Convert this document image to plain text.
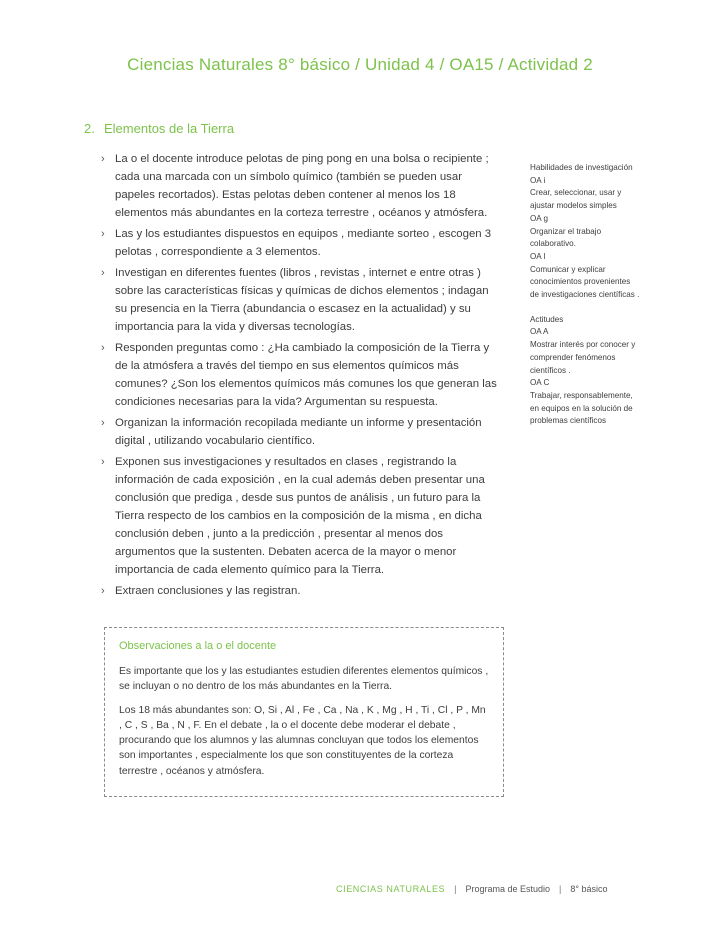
Ciencias Naturales 8° básico / Unidad 4 / OA15 / Actividad 2
2. Elementos de la Tierra
› La o el docente introduce pelotas de ping pong en una bolsa o recipiente ; cada una marcada con un símbolo químico (también se pueden usar papeles recortados). Estas pelotas deben contener al menos los 18 elementos más abundantes en la corteza terrestre , océanos y atmósfera.
› Las y los estudiantes dispuestos en equipos , mediante sorteo , escogen 3 pelotas , correspondiente a 3 elementos.
› Investigan en diferentes fuentes (libros , revistas , internet e entre otras ) sobre las características físicas y químicas de dichos elementos ; indagan su presencia en la Tierra (abundancia o escasez en la actualidad) y su importancia para la vida y diversas tecnologías.
› Responden preguntas como : ¿Ha cambiado la composición de la Tierra y de la atmósfera a través del tiempo en sus elementos químicos más comunes? ¿Son los elementos químicos más comunes los que generan las condiciones necesarias para la vida? Argumentan su respuesta.
› Organizan la información recopilada mediante un informe y presentación digital , utilizando vocabulario científico.
› Exponen sus investigaciones y resultados en clases , registrando la información de cada exposición , en la cual además deben presentar una conclusión que prediga , desde sus puntos de análisis , un futuro para la Tierra respecto de los cambios en la composición de la misma , en dicha conclusión deben , junto a la predicción , presentar al menos dos argumentos que la sustenten. Debaten acerca de la mayor o menor importancia de cada elemento químico para la Tierra.
› Extraen conclusiones y las registran.
Habilidades de investigación
OA i
Crear, seleccionar, usar y ajustar modelos simples
OA g
Organizar el trabajo colaborativo.
OA l
Comunicar y explicar conocimientos provenientes de investigaciones científicas .
Actitudes
OA A
Mostrar interés por conocer y comprender fenómenos científicos .
OA C
Trabajar, responsablemente, en equipos en la solución de problemas científicos
Observaciones a la o el docente

Es importante que los y las estudiantes estudien diferentes elementos químicos , se incluyan o no dentro de los más abundantes en la Tierra.

Los 18 más abundantes son: O, Si , Al , Fe , Ca , Na , K , Mg , H , Ti , Cl , P , Mn , C , S , Ba , N , F. En el debate , la o el docente debe moderar el debate , procurando que los alumnos y las alumnas concluyan que todos los elementos son importantes , especialmente los que son constituyentes de la corteza terrestre , océanos y atmósfera.

CIENCIAS NATURALES | Programa de Estudio | 8° básico
